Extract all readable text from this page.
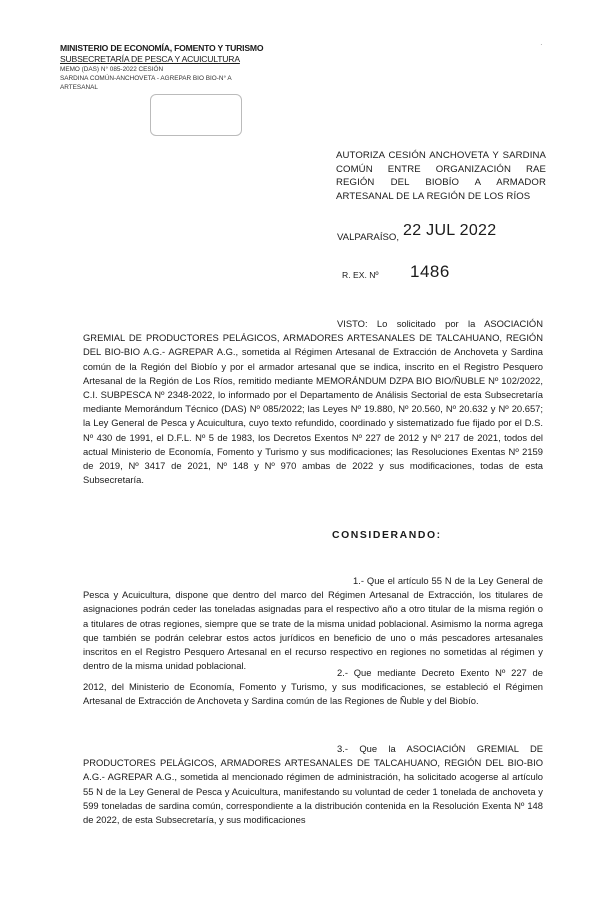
MINISTERIO DE ECONOMÍA, FOMENTO Y TURISMO
SUBSECRETARÍA DE PESCA Y ACUICULTURA
MEMO (DAS) N° 085-2022 CESIÓN
SARDINA COMÚN-ANCHOVETA - AGREPAR BIO BIO-N° A
ARTESANAL
·
AUTORIZA CESIÓN ANCHOVETA Y SARDINA COMÚN ENTRE ORGANIZACIÓN RAE REGIÓN DEL BIOBÍO A ARMADOR ARTESANAL DE LA REGIÓN DE LOS RÍOS
VALPARAÍSO, 22 JUL 2022
R. EX. Nº 1486
VISTO: Lo solicitado por la ASOCIACIÓN GREMIAL DE PRODUCTORES PELÁGICOS, ARMADORES ARTESANALES DE TALCAHUANO, REGIÓN DEL BIO-BIO A.G.- AGREPAR A.G., sometida al Régimen Artesanal de Extracción de Anchoveta y Sardina común de la Región del Biobío y por el armador artesanal que se indica, inscrito en el Registro Pesquero Artesanal de la Región de Los Ríos, remitido mediante MEMORÁNDUM DZPA BIO BIO/ÑUBLE Nº 102/2022, C.I. SUBPESCA Nº 2348-2022, lo informado por el Departamento de Análisis Sectorial de esta Subsecretaría mediante Memorándum Técnico (DAS) Nº 085/2022; las Leyes Nº 19.880, Nº 20.560, Nº 20.632 y Nº 20.657; la Ley General de Pesca y Acuicultura, cuyo texto refundido, coordinado y sistematizado fue fijado por el D.S. Nº 430 de 1991, el D.F.L. Nº 5 de 1983, los Decretos Exentos Nº 227 de 2012 y Nº 217 de 2021, todos del actual Ministerio de Economía, Fomento y Turismo y sus modificaciones; las Resoluciones Exentas Nº 2159 de 2019, Nº 3417 de 2021, Nº 148 y Nº 970 ambas de 2022 y sus modificaciones, todas de esta Subsecretaría.
CONSIDERANDO:
1.- Que el artículo 55 N de la Ley General de Pesca y Acuicultura, dispone que dentro del marco del Régimen Artesanal de Extracción, los titulares de asignaciones podrán ceder las toneladas asignadas para el respectivo año a otro titular de la misma región o a titulares de otras regiones, siempre que se trate de la misma unidad poblacional. Asimismo la norma agrega que también se podrán celebrar estos actos jurídicos en beneficio de uno o más pescadores artesanales inscritos en el Registro Pesquero Artesanal en el recurso respectivo en regiones no sometidas al régimen y dentro de la misma unidad poblacional.
2.- Que mediante Decreto Exento Nº 227 de 2012, del Ministerio de Economía, Fomento y Turismo, y sus modificaciones, se estableció el Régimen Artesanal de Extracción de Anchoveta y Sardina común de las Regiones de Ñuble y del Biobío.
3.- Que la ASOCIACIÓN GREMIAL DE PRODUCTORES PELÁGICOS, ARMADORES ARTESANALES DE TALCAHUANO, REGIÓN DEL BIO-BIO A.G.- AGREPAR A.G., sometida al mencionado régimen de administración, ha solicitado acogerse al artículo 55 N de la Ley General de Pesca y Acuicultura, manifestando su voluntad de ceder 1 tonelada de anchoveta y 599 toneladas de sardina común, correspondiente a la distribución contenida en la Resolución Exenta Nº 148 de 2022, de esta Subsecretaría, y sus modificaciones
